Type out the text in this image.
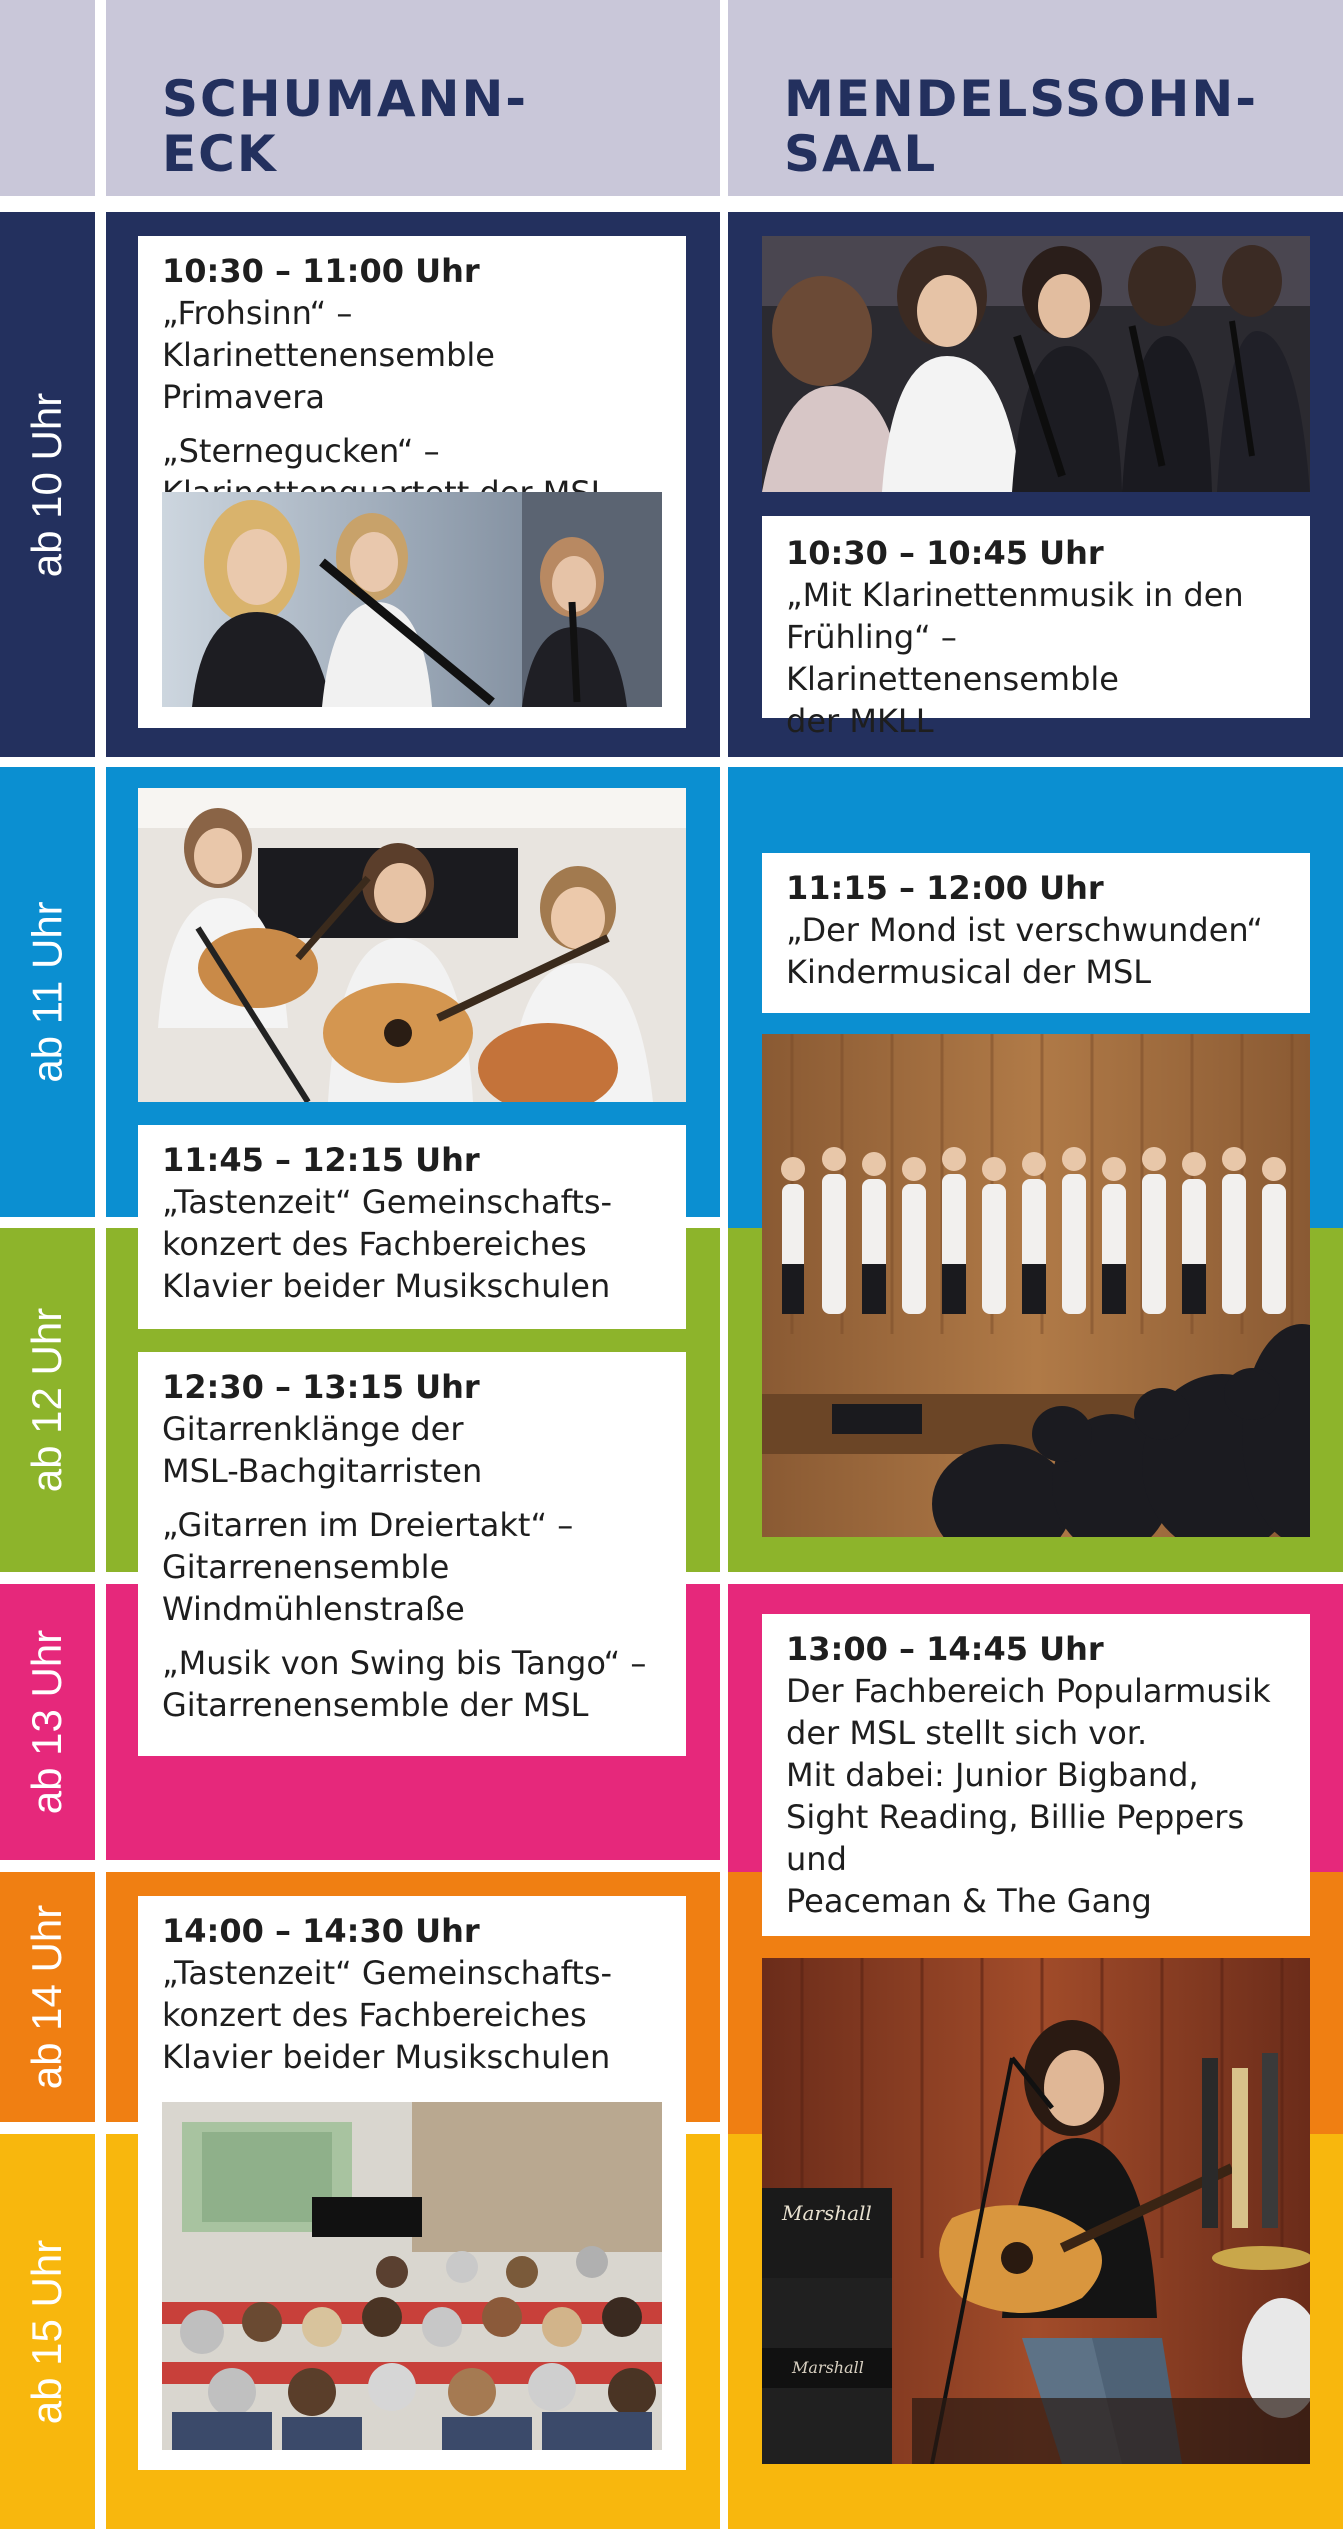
SCHUMANN-
ECK
MENDELSSOHN-
SAAL
ab 10 Uhr
ab 11 Uhr
ab 12 Uhr
ab 13 Uhr
ab 14 Uhr
ab 15 Uhr

10:30 – 11:00 Uhr

„Frohsinn“ –

Klarinettenensemble Primavera

„Sternegucken“ –

10:30 – 10:45 Uhr

„Mit Klarinettenmusik in den

Frühling“ – Klarinettenensemble

der MKLL

11:15 – 12:00 Uhr

„Der Mond ist verschwunden“

Kindermusical der MSL

11:45 – 12:15 Uhr

„Tastenzeit“ Gemeinschafts-

konzert des Fachbereiches

Klavier beider Musikschulen

12:30 – 13:15 Uhr

Gitarrenklänge der

MSL-Bachgitarristen

„Gitarren im Dreiertakt“ –

Gitarrenensemble

Windmühlenstraße

„Musik von Swing bis Tango“ –

Gitarrenensemble der MSL

13:00 – 14:45 Uhr

Der Fachbereich Popularmusik

der MSL stellt sich vor.

Mit dabei: Junior Bigband,

Sight Reading, Billie Peppers und

Peaceman & The Gang

14:00 – 14:30 Uhr

„Tastenzeit“ Gemeinschafts-

konzert des Fachbereiches

Klavier beider Musikschulen

Marshall
Marshall
